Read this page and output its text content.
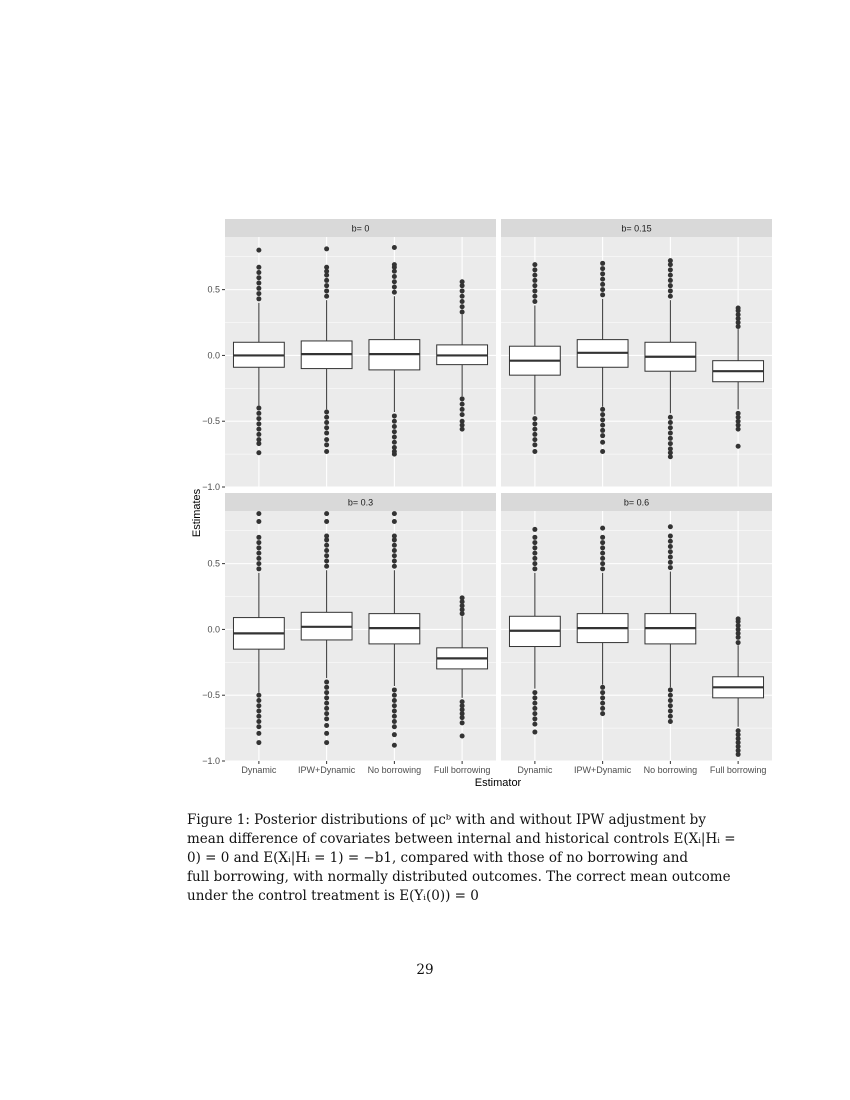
b= 0	b= 0.15
b= 0.3	b= 0.6
−1.0
−0.5
0.0
0.5
−1.0
−0.5
0.0
0.5
Dynamic IPW+Dynamic No borrowing Full borrowing	Dynamic IPW+Dynamic No borrowing Full borrowing
Estimates
Estimator
Figure 1: Posterior distributions of μᴄᵇ with and without IPW adjustment by
mean difference of covariates between internal and historical controls E(Xᵢ|Hᵢ =
0) = 0 and E(Xᵢ|Hᵢ = 1) = −b1, compared with those of no borrowing and
full borrowing, with normally distributed outcomes. The correct mean outcome
under the control treatment is E(Yᵢ(0)) = 0
29
